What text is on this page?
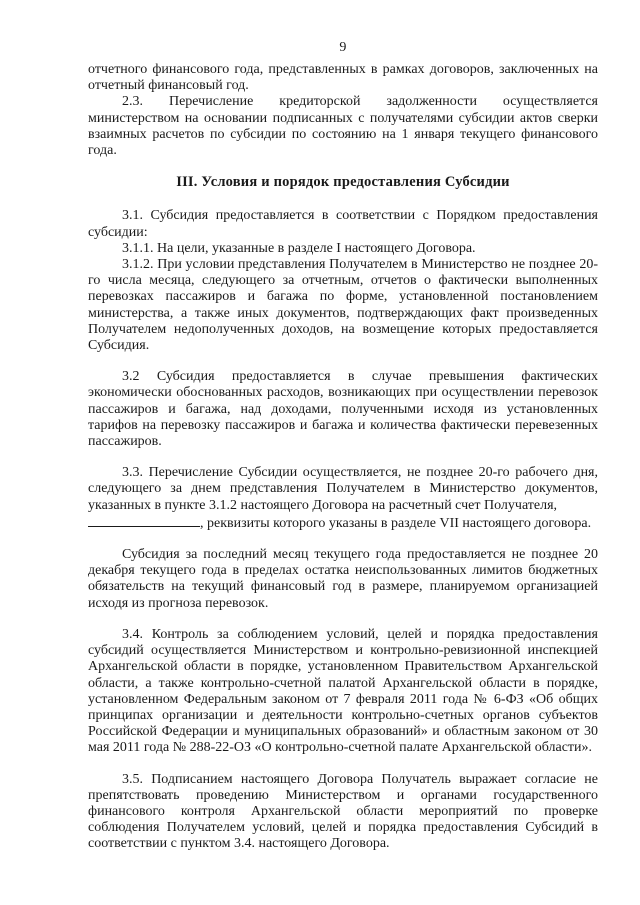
9

отчетного финансового года, представленных в рамках договоров, заключенных на отчетный финансовый год.

2.3. Перечисление кредиторской задолженности осуществляется министерством на основании подписанных с получателями субсидии актов сверки взаимных расчетов по субсидии по состоянию на 1 января текущего финансового года.

III. Условия и порядок предоставления Субсидии

3.1. Субсидия предоставляется в соответствии с Порядком предоставления субсидии:

3.1.1. На цели, указанные в разделе I настоящего Договора.

3.1.2. При условии представления Получателем в Министерство не позднее 20-го числа месяца, следующего за отчетным, отчетов о фактически выполненных перевозках пассажиров и багажа по форме, установленной постановлением министерства, а также иных документов, подтверждающих факт произведенных Получателем недополученных доходов, на возмещение которых предоставляется Субсидия.

3.2 Субсидия предоставляется в случае превышения фактических экономически обоснованных расходов, возникающих при осуществлении перевозок пассажиров и багажа, над доходами, полученными исходя из установленных тарифов на перевозку пассажиров и багажа и количества фактически перевезенных пассажиров.

3.3. Перечисление Субсидии осуществляется, не позднее 20-го рабочего дня, следующего за днем представления Получателем в Министерство документов, указанных в пункте 3.1.2 настоящего Договора на расчетный счет Получателя,
, реквизиты которого указаны в разделе VII настоящего договора.

Субсидия за последний месяц текущего года предоставляется не позднее 20 декабря текущего года в пределах остатка неиспользованных лимитов бюджетных обязательств на текущий финансовый год в размере, планируемом организацией исходя из прогноза перевозок.

3.4. Контроль за соблюдением условий, целей и порядка предоставления субсидий осуществляется Министерством и контрольно-ревизионной инспекцией Архангельской области в порядке, установленном Правительством Архангельской области, а также контрольно-счетной палатой Архангельской области в порядке, установленном Федеральным законом от 7 февраля 2011 года № 6-ФЗ «Об общих принципах организации и деятельности контрольно-счетных органов субъектов Российской Федерации и муниципальных образований» и областным законом от 30 мая 2011 года № 288-22-ОЗ «О контрольно-счетной палате Архангельской области».

3.5. Подписанием настоящего Договора Получатель выражает согласие не препятствовать проведению Министерством и органами государственного финансового контроля Архангельской области мероприятий по проверке соблюдения Получателем условий, целей и порядка предоставления Субсидий в соответствии с пунктом 3.4. настоящего Договора.
